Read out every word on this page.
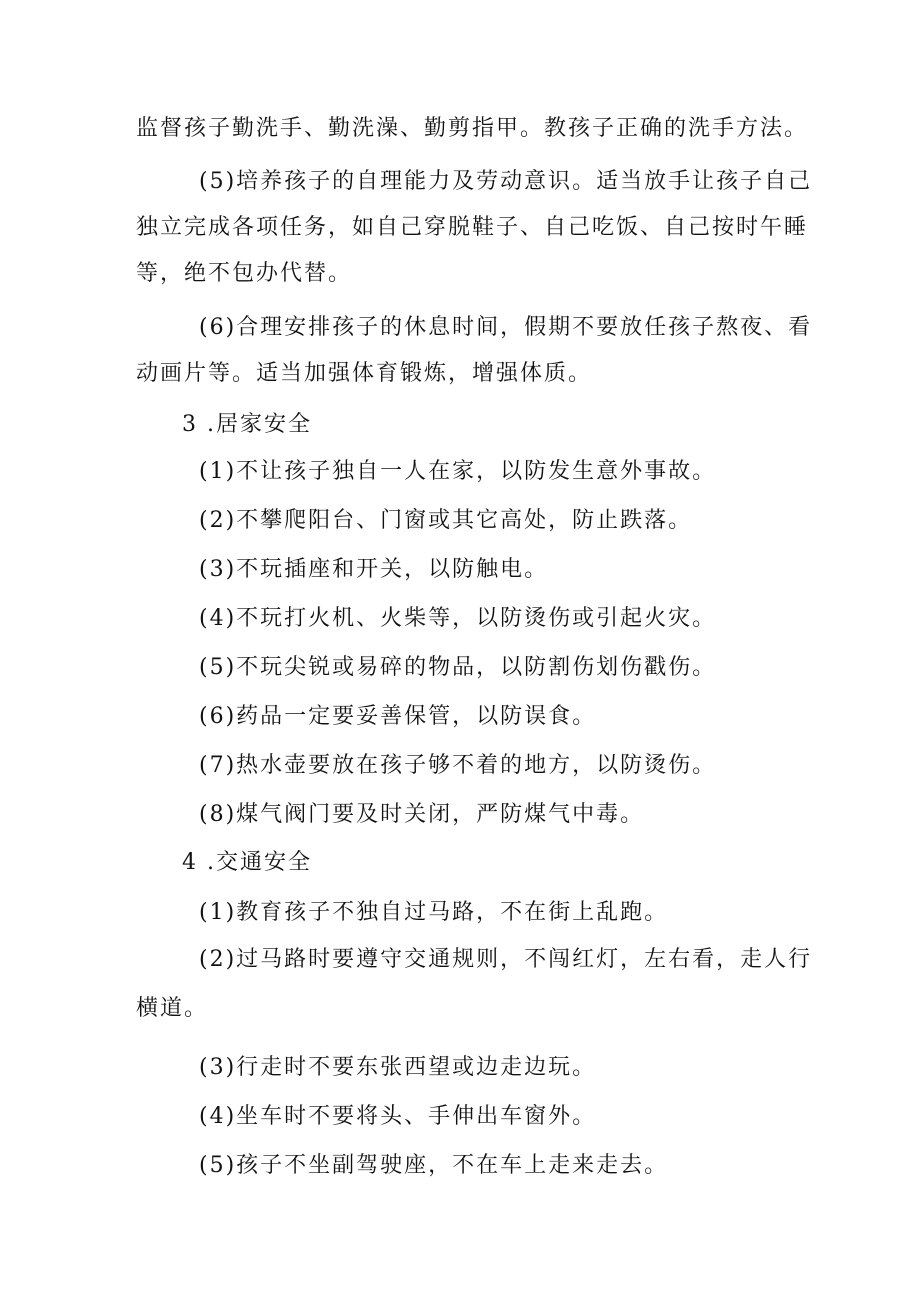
监督孩子勤洗手、勤洗澡、勤剪指甲。教孩子正确的洗手方法。
(5)培养孩子的自理能力及劳动意识。适当放手让孩子自己
独立完成各项任务，如自己穿脱鞋子、自己吃饭、自己按时午睡
等，绝不包办代替。
(6)合理安排孩子的休息时间，假期不要放任孩子熬夜、看
动画片等。适当加强体育锻炼，增强体质。
3 .居家安全
(1)不让孩子独自一人在家，以防发生意外事故。
(2)不攀爬阳台、门窗或其它高处，防止跌落。
(3)不玩插座和开关，以防触电。
(4)不玩打火机、火柴等，以防烫伤或引起火灾。
(5)不玩尖锐或易碎的物品，以防割伤划伤戳伤。
(6)药品一定要妥善保管，以防误食。
(7)热水壶要放在孩子够不着的地方，以防烫伤。
(8)煤气阀门要及时关闭，严防煤气中毒。
4 .交通安全
(1)教育孩子不独自过马路，不在街上乱跑。
(2)过马路时要遵守交通规则，不闯红灯，左右看，走人行
横道。
(3)行走时不要东张西望或边走边玩。
(4)坐车时不要将头、手伸出车窗外。
(5)孩子不坐副驾驶座，不在车上走来走去。
